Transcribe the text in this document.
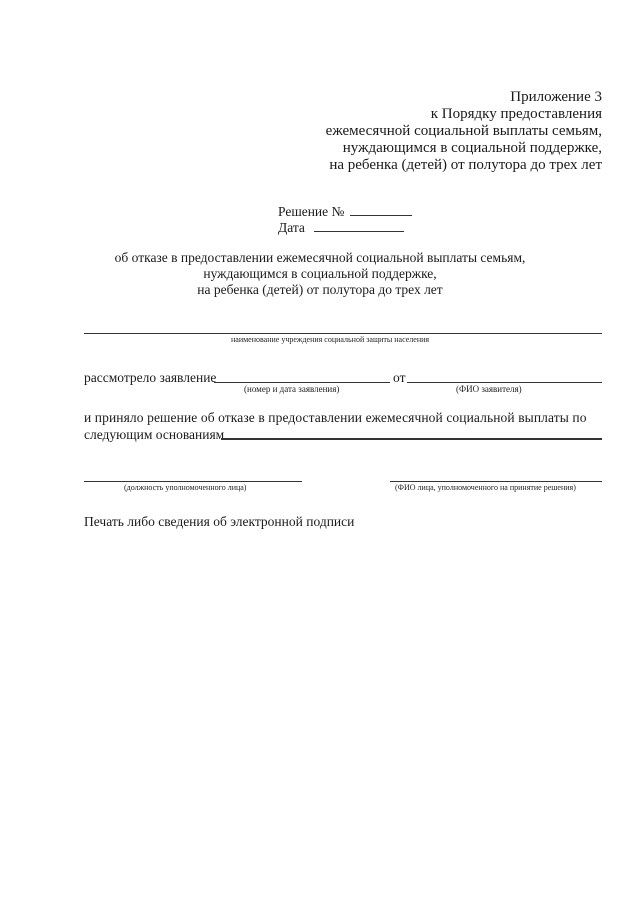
Приложение 3
к Порядку предоставления
ежемесячной социальной выплаты семьям,
нуждающимся в социальной поддержке,
на ребенка (детей) от полутора до трех лет
Решение №
Дата
об отказе в предоставлении ежемесячной социальной выплаты семьям,
нуждающимся в социальной поддержке,
на ребенка (детей) от полутора до трех лет
наименование учреждения социальной защиты населения
рассмотрело заявление	от
(номер и дата заявления)	(ФИО заявителя)
и приняло решение об отказе в предоставлении ежемесячной социальной выплаты по
следующим основаниям
(должность уполномоченного лица)	(ФИО лица, уполномоченного на принятие решения)
Печать либо сведения об электронной подписи
